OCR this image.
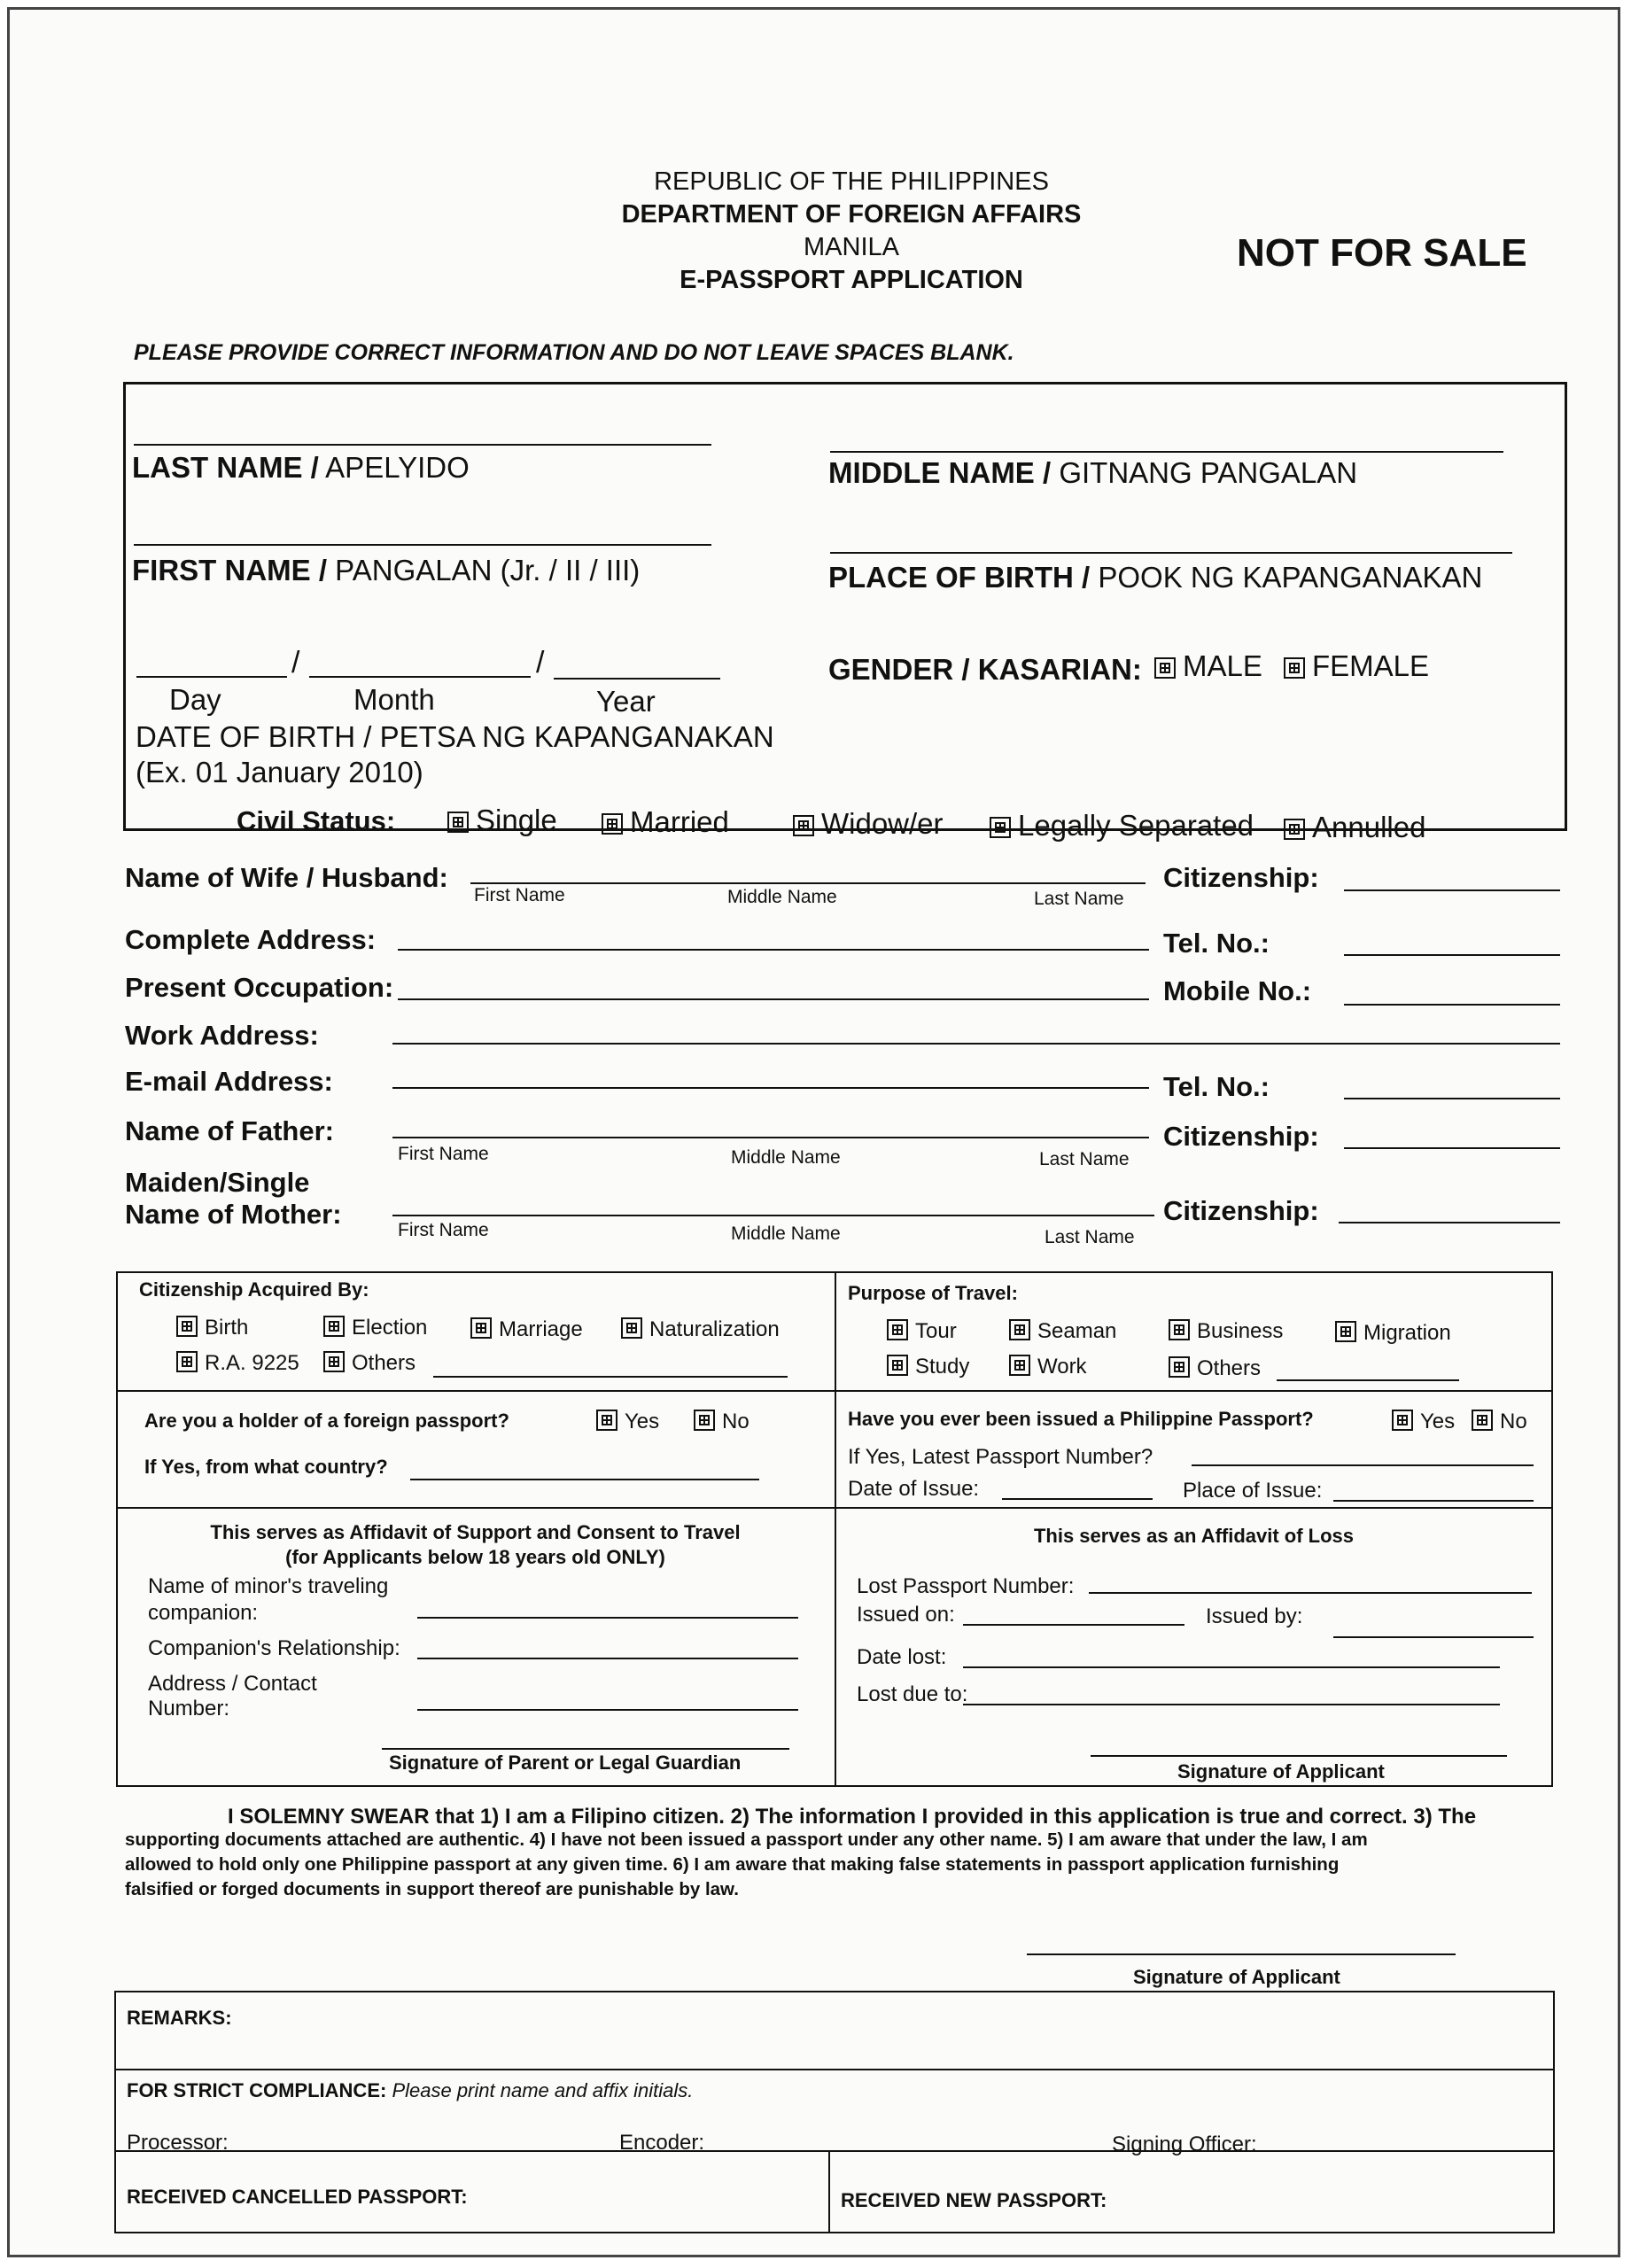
REPUBLIC OF THE PHILIPPINES
DEPARTMENT OF FOREIGN AFFAIRS
MANILA
E-PASSPORT APPLICATION
NOT FOR SALE
PLEASE PROVIDE CORRECT INFORMATION AND DO NOT LEAVE SPACES BLANK.
LAST NAME / APELYIDO	MIDDLE NAME / GITNANG PANGALAN
FIRST NAME / PANGALAN (Jr. / II / III)	PLACE OF BIRTH / POOK NG KAPANGANAKAN
/	/
Day	Month	Year
DATE OF BIRTH / PETSA NG KAPANGANAKAN
(Ex. 01 January 2010)
GENDER / KASARIAN:	MALE	FEMALE
Civil Status:	Single	Married	Widow/er	Legally Separated	Annulled
Name of Wife / Husband:
First Name	Middle Name	Last Name
Citizenship:
Complete Address:	Tel. No.:
Present Occupation:	Mobile No.:
Work Address:
E-mail Address:	Tel. No.:
Name of Father:
First Name	Middle Name	Last Name
Citizenship:
Maiden/Single
Name of Mother:
First Name	Middle Name	Last Name
Citizenship:
Citizenship Acquired By:
Birth	Election	Marriage	Naturalization
R.A. 9225	Others
Purpose of Travel:
Tour	Seaman	Business	Migration
Study	Work	Others
Are you a holder of a foreign passport?	Yes	No
If Yes, from what country?
Have you ever been issued a Philippine Passport?	Yes	No
If Yes, Latest Passport Number?
Date of Issue:	Place of Issue:
This serves as Affidavit of Support and Consent to Travel
(for Applicants below 18 years old ONLY)
Name of minor's traveling
companion:
Companion's Relationship:
Address / Contact
Number:
Signature of Parent or Legal Guardian
This serves as an Affidavit of Loss
Lost Passport Number:
Issued on:	Issued by:
Date lost:
Lost due to:
Signature of Applicant
I SOLEMNY SWEAR that 1) I am a Filipino citizen. 2) The information I provided in this application is true and correct. 3) The
supporting documents attached are authentic. 4) I have not been issued a passport under any other name. 5) I am aware that under the law, I am
allowed to hold only one Philippine passport at any given time. 6) I am aware that making false statements in passport application furnishing
falsified or forged documents in support thereof are punishable by law.
Signature of Applicant
REMARKS:
FOR STRICT COMPLIANCE: Please print name and affix initials.
Processor:	Encoder:	Signing Officer:
RECEIVED CANCELLED PASSPORT:	RECEIVED NEW PASSPORT:
